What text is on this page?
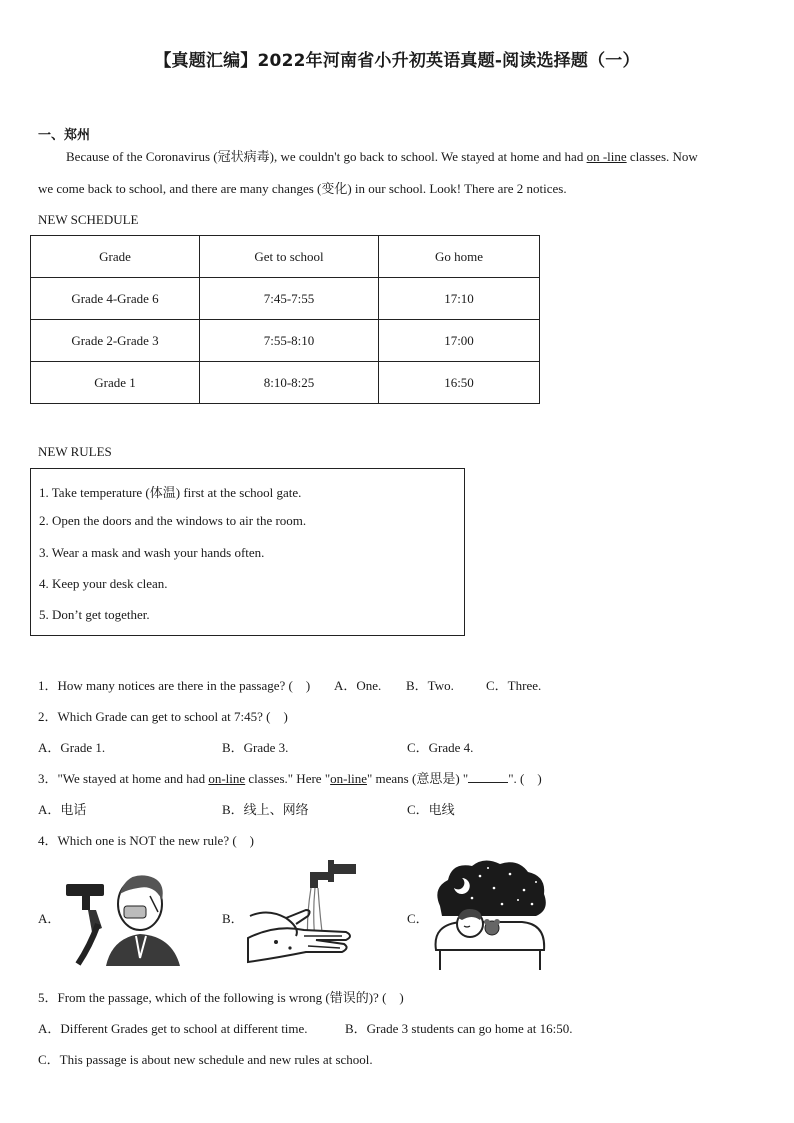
【真题汇编】2022年河南省小升初英语真题-阅读选择题（一）
一、郑州
Because of the Coronavirus (冠状病毒), we couldn't go back to school. We stayed at home and had on -line classes. Now
we come back to school, and there are many changes (变化) in our school. Look! There are 2 notices.
NEW SCHEDULE
Grade	Get to school	Go home
Grade 4-Grade 6	7:45-7:55	17:10
Grade 2-Grade 3	7:55-8:10	17:00
Grade 1	8:10-8:25	16:50
NEW RULES
1. Take temperature (体温) first at the school gate.
2. Open the doors and the windows to air the room.
3. Wear a mask and wash your hands often.
4. Keep your desk clean.
5. Don’t get together.
1．How many notices are there in the passage? (　) A．One. B．Two. C．Three.
2．Which Grade can get to school at 7:45? (　)
A．Grade 1.	B．Grade 3.	C．Grade 4.
3．"We stayed at home and had on-line classes." Here "on-line" means (意思是) "	". (　)
A．电话	B．线上、网络	C．电线
4．Which one is NOT the new rule? (　)
A．	B．	C．
5．From the passage, which of the following is wrong (错误的)? (　)
A．Different Grades get to school at different time.	B．Grade 3 students can go home at 16:50.
C．This passage is about new schedule and new rules at school.
